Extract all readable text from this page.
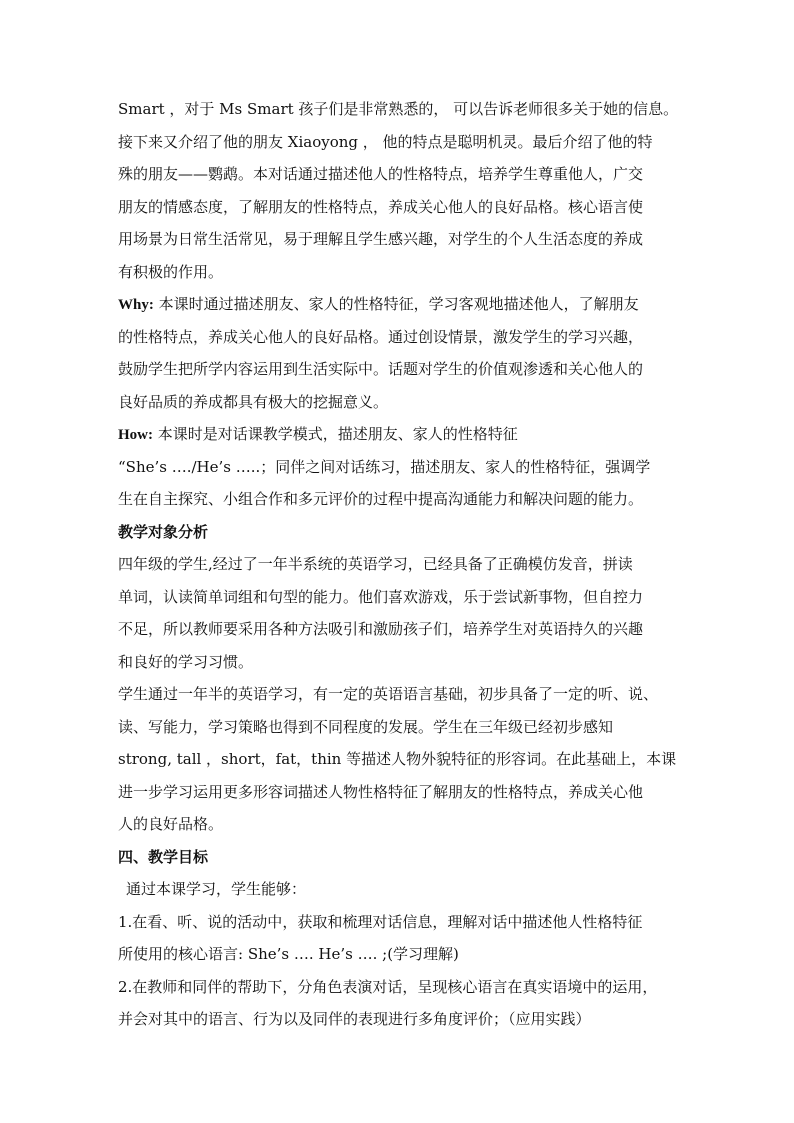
Smart ，对于 Ms Smart 孩子们是非常熟悉的， 可以告诉老师很多关于她的信息。
接下来又介绍了他的朋友 Xiaoyong ， 他的特点是聪明机灵。最后介绍了他的特
殊的朋友——鹦鹉。本对话通过描述他人的性格特点，培养学生尊重他人，广交
朋友的情感态度，了解朋友的性格特点，养成关心他人的良好品格。核心语言使
用场景为日常生活常见，易于理解且学生感兴趣，对学生的个人生活态度的养成
有积极的作用。
Why: 本课时通过描述朋友、家人的性格特征，学习客观地描述他人，了解朋友
的性格特点，养成关心他人的良好品格。通过创设情景，激发学生的学习兴趣，
鼓励学生把所学内容运用到生活实际中。话题对学生的价值观渗透和关心他人的
良好品质的养成都具有极大的挖掘意义。
How: 本课时是对话课教学模式，描述朋友、家人的性格特征
“She’s …./He’s …..；同伴之间对话练习，描述朋友、家人的性格特征，强调学
生在自主探究、小组合作和多元评价的过程中提高沟通能力和解决问题的能力。
教学对象分析
四年级的学生,经过了一年半系统的英语学习，已经具备了正确模仿发音，拼读
单词，认读简单词组和句型的能力。他们喜欢游戏，乐于尝试新事物，但自控力
不足，所以教师要采用各种方法吸引和激励孩子们，培养学生对英语持久的兴趣
和良好的学习习惯。
学生通过一年半的英语学习，有一定的英语语言基础，初步具备了一定的听、说、
读、写能力，学习策略也得到不同程度的发展。学生在三年级已经初步感知
strong, tall ，short，fat，thin 等描述人物外貌特征的形容词。在此基础上，本课
进一步学习运用更多形容词描述人物性格特征了解朋友的性格特点，养成关心他
人的良好品格。
四、教学目标
通过本课学习，学生能够：
1.在看、听、说的活动中，获取和梳理对话信息，理解对话中描述他人性格特征
所使用的核心语言: She’s …. He’s …. ;(学习理解)
2.在教师和同伴的帮助下，分角色表演对话，呈现核心语言在真实语境中的运用，
并会对其中的语言、行为以及同伴的表现进行多角度评价；（应用实践）
